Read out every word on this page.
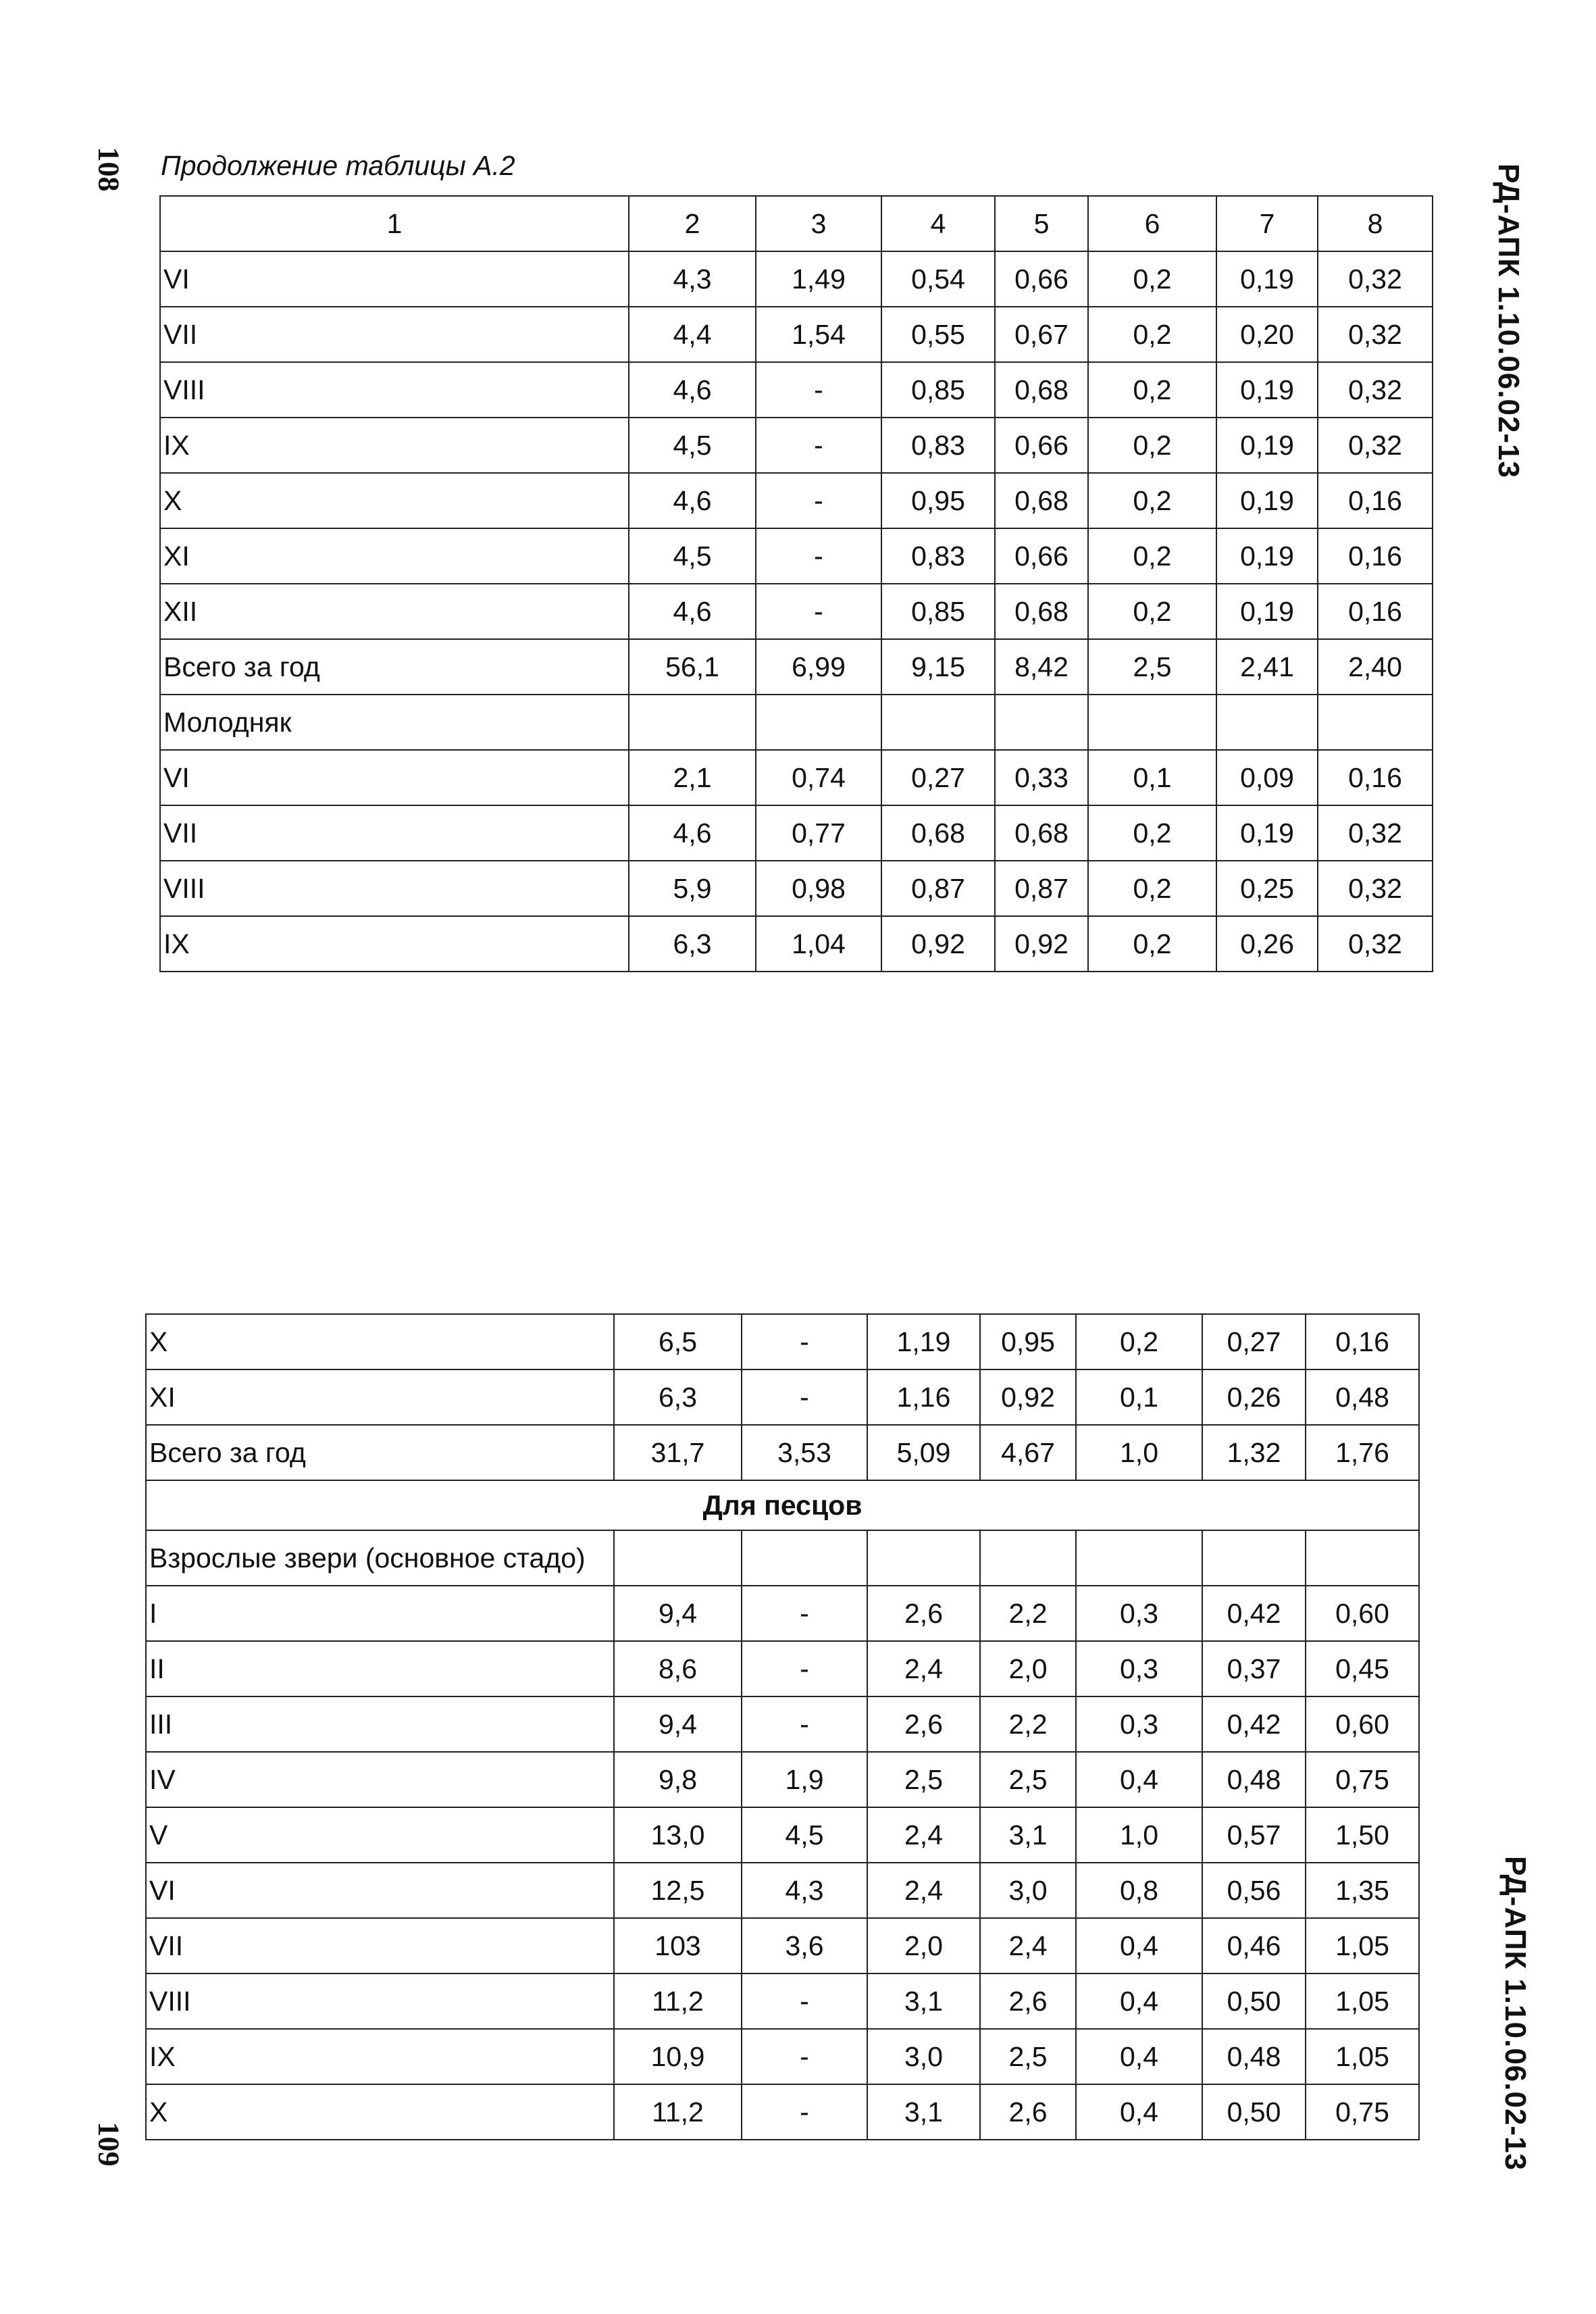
108
109
РД-АПК 1.10.06.02-13
РД-АПК 1.10.06.02-13
Продолжение таблицы А.2
1	2	3	4	5	6	7	8
VI	4,3	1,49	0,54	0,66	0,2	0,19	0,32
VII	4,4	1,54	0,55	0,67	0,2	0,20	0,32
VIII	4,6	-	0,85	0,68	0,2	0,19	0,32
IX	4,5	-	0,83	0,66	0,2	0,19	0,32
X	4,6	-	0,95	0,68	0,2	0,19	0,16
XI	4,5	-	0,83	0,66	0,2	0,19	0,16
XII	4,6	-	0,85	0,68	0,2	0,19	0,16
Всего за год	56,1	6,99	9,15	8,42	2,5	2,41	2,40
Молодняк							
VI	2,1	0,74	0,27	0,33	0,1	0,09	0,16
VII	4,6	0,77	0,68	0,68	0,2	0,19	0,32
VIII	5,9	0,98	0,87	0,87	0,2	0,25	0,32
IX	6,3	1,04	0,92	0,92	0,2	0,26	0,32
X	6,5	-	1,19	0,95	0,2	0,27	0,16
XI	6,3	-	1,16	0,92	0,1	0,26	0,48
Всего за год	31,7	3,53	5,09	4,67	1,0	1,32	1,76
Для песцов							
Взрослые звери (основное стадо)							
I	9,4	-	2,6	2,2	0,3	0,42	0,60
II	8,6	-	2,4	2,0	0,3	0,37	0,45
III	9,4	-	2,6	2,2	0,3	0,42	0,60
IV	9,8	1,9	2,5	2,5	0,4	0,48	0,75
V	13,0	4,5	2,4	3,1	1,0	0,57	1,50
VI	12,5	4,3	2,4	3,0	0,8	0,56	1,35
VII	103	3,6	2,0	2,4	0,4	0,46	1,05
VIII	11,2	-	3,1	2,6	0,4	0,50	1,05
IX	10,9	-	3,0	2,5	0,4	0,48	1,05
X	11,2	-	3,1	2,6	0,4	0,50	0,75
